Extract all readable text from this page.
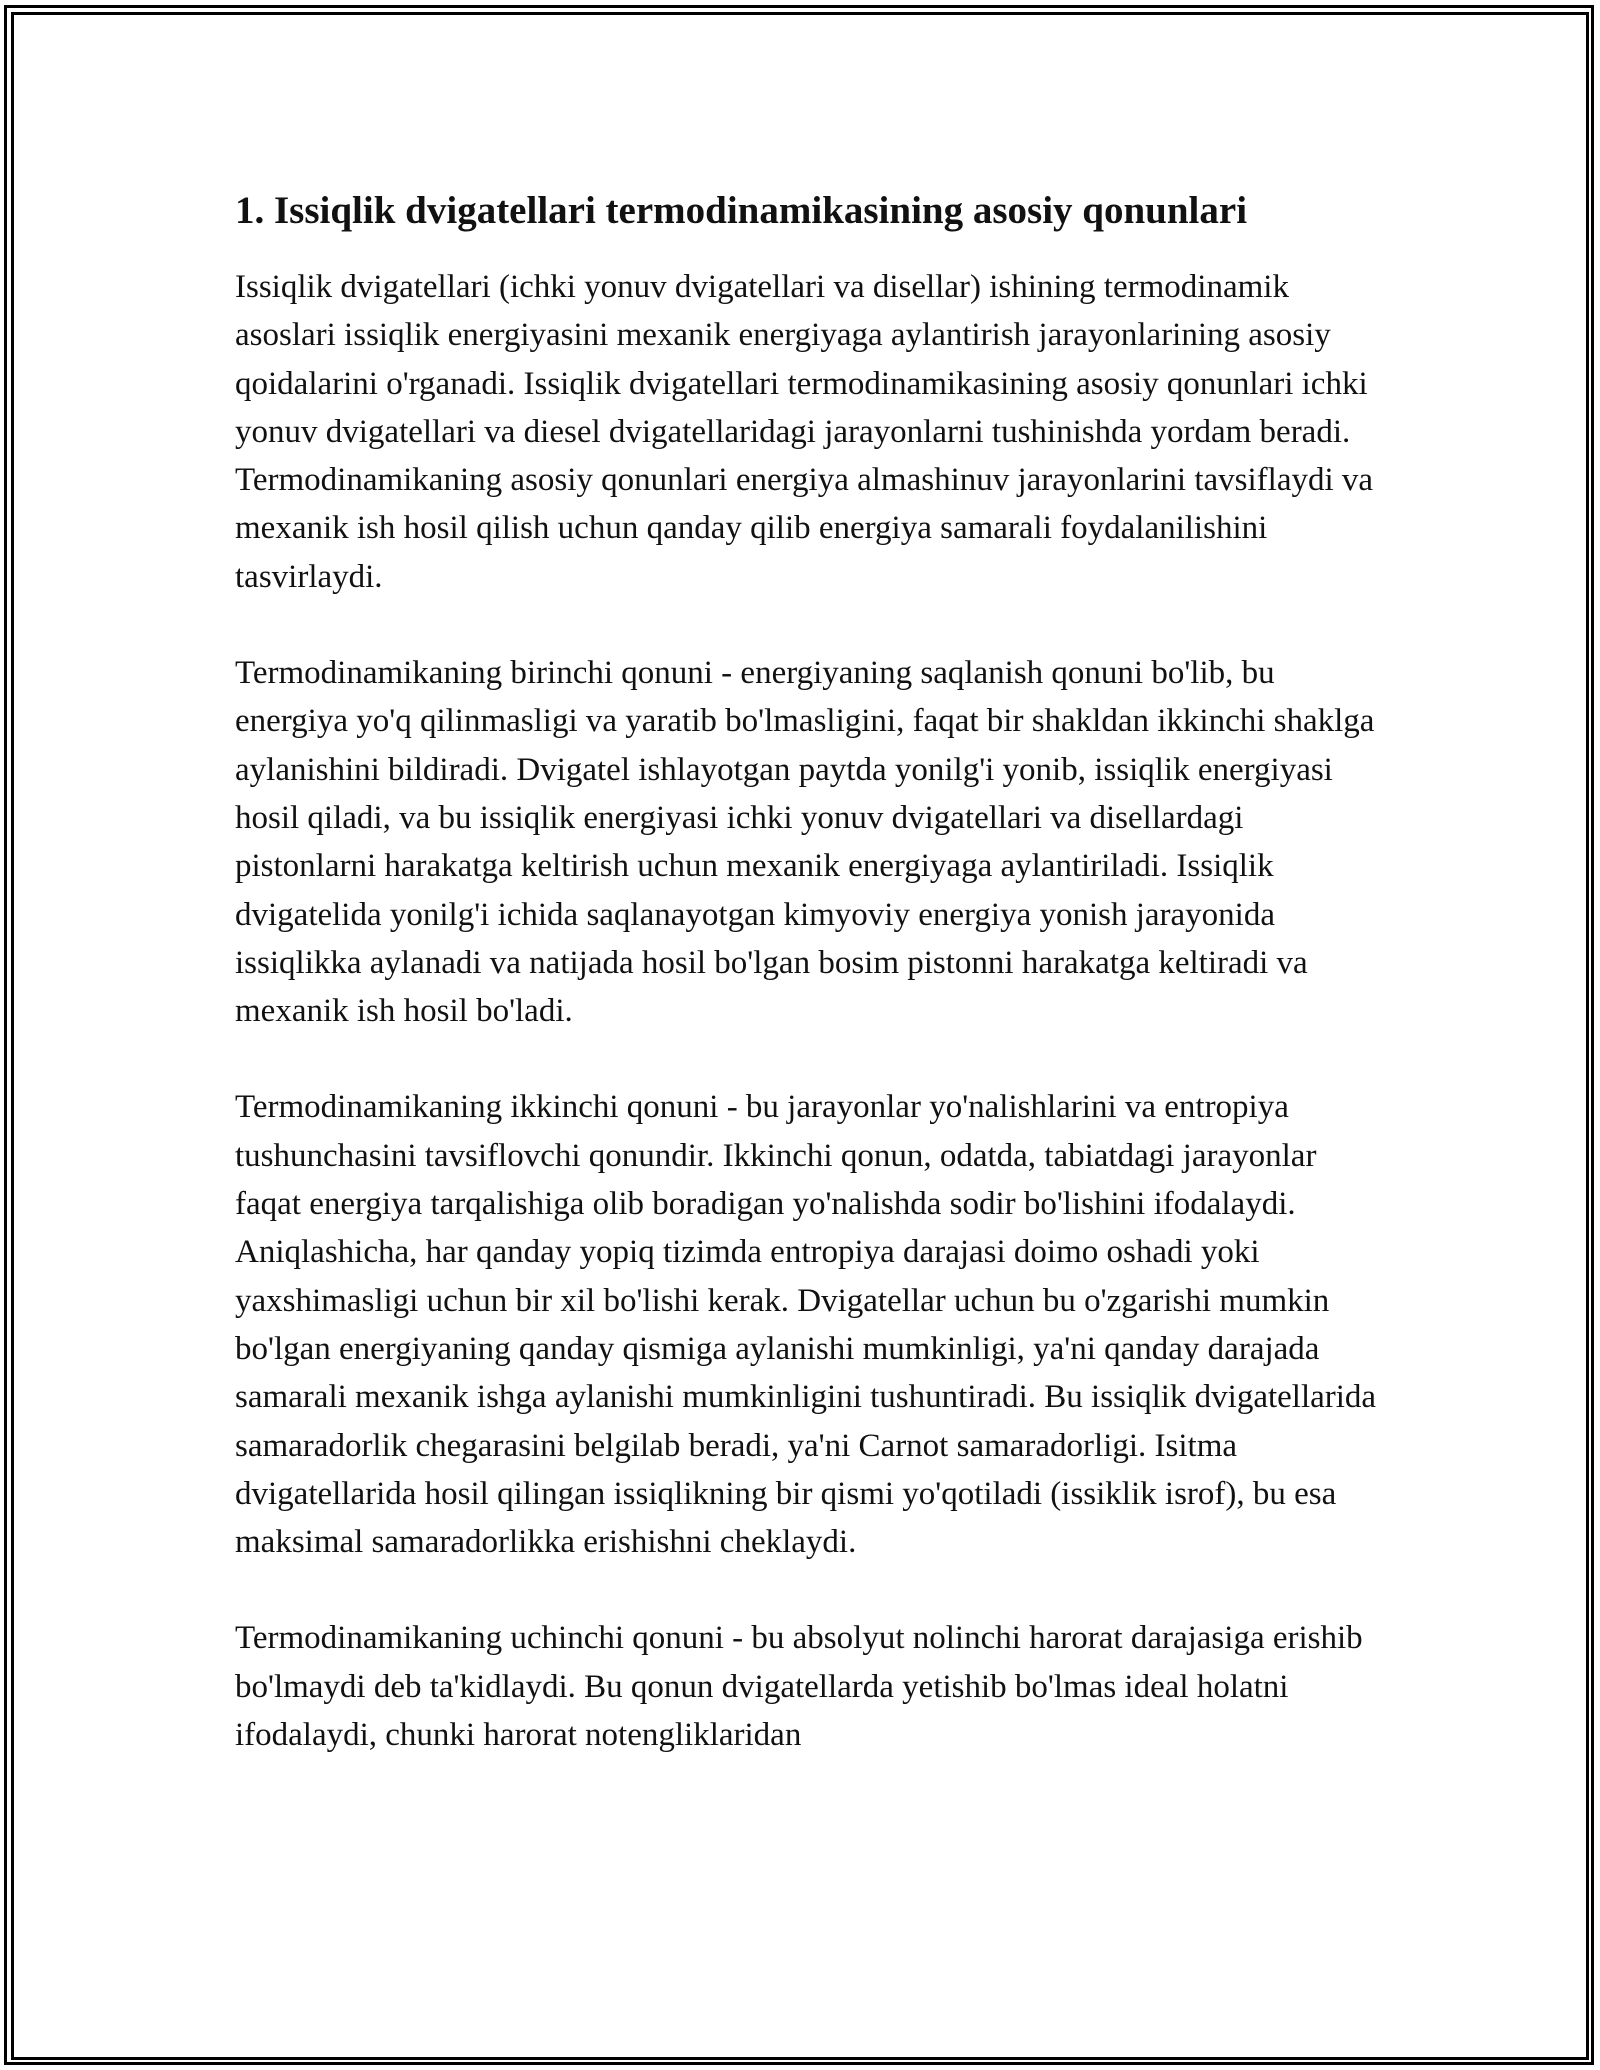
1. Issiqlik dvigatellari termodinamikasining asosiy qonunlari

Issiqlik dvigatellari (ichki yonuv dvigatellari va disellar) ishining termodinamik asoslari issiqlik energiyasini mexanik energiyaga aylantirish jarayonlarining asosiy qoidalarini o'rganadi. Issiqlik dvigatellari termodinamikasining asosiy qonunlari ichki yonuv dvigatellari va diesel dvigatellaridagi jarayonlarni tushinishda yordam beradi. Termodinamikaning asosiy qonunlari energiya almashinuv jarayonlarini tavsiflaydi va mexanik ish hosil qilish uchun qanday qilib energiya samarali foydalanilishini tasvirlaydi.

Termodinamikaning birinchi qonuni - energiyaning saqlanish qonuni bo'lib, bu energiya yo'q qilinmasligi va yaratib bo'lmasligini, faqat bir shakldan ikkinchi shaklga aylanishini bildiradi. Dvigatel ishlayotgan paytda yonilg'i yonib, issiqlik energiyasi hosil qiladi, va bu issiqlik energiyasi ichki yonuv dvigatellari va disellardagi pistonlarni harakatga keltirish uchun mexanik energiyaga aylantiriladi. Issiqlik dvigatelida yonilg'i ichida saqlanayotgan kimyoviy energiya yonish jarayonida issiqlikka aylanadi va natijada hosil bo'lgan bosim pistonni harakatga keltiradi va mexanik ish hosil bo'ladi.

Termodinamikaning ikkinchi qonuni - bu jarayonlar yo'nalishlarini va entropiya tushunchasini tavsiflovchi qonundir. Ikkinchi qonun, odatda, tabiatdagi jarayonlar faqat energiya tarqalishiga olib boradigan yo'nalishda sodir bo'lishini ifodalaydi. Aniqlashicha, har qanday yopiq tizimda entropiya darajasi doimo oshadi yoki yaxshimasligi uchun bir xil bo'lishi kerak. Dvigatellar uchun bu o'zgarishi mumkin bo'lgan energiyaning qanday qismiga aylanishi mumkinligi, ya'ni qanday darajada samarali mexanik ishga aylanishi mumkinligini tushuntiradi. Bu issiqlik dvigatellarida samaradorlik chegarasini belgilab beradi, ya'ni Carnot samaradorligi. Isitma dvigatellarida hosil qilingan issiqlikning bir qismi yo'qotiladi (issiklik isrof), bu esa maksimal samaradorlikka erishishni cheklaydi.

Termodinamikaning uchinchi qonuni - bu absolyut nolinchi harorat darajasiga erishib bo'lmaydi deb ta'kidlaydi. Bu qonun dvigatellarda yetishib bo'lmas ideal holatni ifodalaydi, chunki harorat notengliklaridan
